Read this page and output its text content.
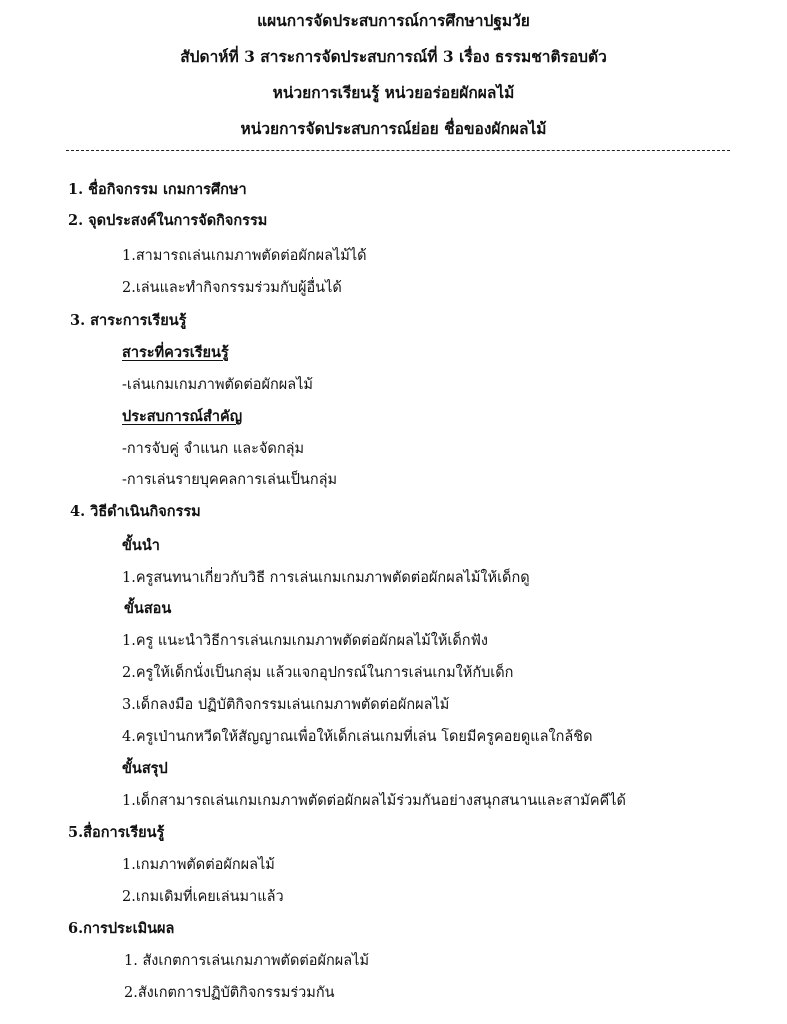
แผนการจัดประสบการณ์การศึกษาปฐมวัย
สัปดาห์ที่ 3 สาระการจัดประสบการณ์ที่ 3 เรื่อง ธรรมชาติรอบตัว
หน่วยการเรียนรู้ หน่วยอร่อยผักผลไม้
หน่วยการจัดประสบการณ์ย่อย ชื่อของผักผลไม้
1. ชื่อกิจกรรม เกมการศึกษา
2. จุดประสงค์ในการจัดกิจกรรม
1.สามารถเล่นเกมภาพตัดต่อผักผลไม้ได้
2.เล่นและทำกิจกรรมร่วมกับผู้อื่นได้
3. สาระการเรียนรู้
สาระที่ควรเรียนรู้
-เล่นเกมเกมภาพตัดต่อผักผลไม้
ประสบการณ์สำคัญ
-การจับคู่ จำแนก และจัดกลุ่ม
-การเล่นรายบุคคลการเล่นเป็นกลุ่ม
4. วิธีดำเนินกิจกรรม
ขั้นนำ
1.ครูสนทนาเกี่ยวกับวิธี การเล่นเกมเกมภาพตัดต่อผักผลไม้ให้เด็กดู
ขั้นสอน
1.ครู แนะนำวิธีการเล่นเกมเกมภาพตัดต่อผักผลไม้ให้เด็กฟัง
2.ครูให้เด็กนั่งเป็นกลุ่ม แล้วแจกอุปกรณ์ในการเล่นเกมให้กับเด็ก
3.เด็กลงมือ ปฏิบัติกิจกรรมเล่นเกมภาพตัดต่อผักผลไม้
4.ครูเป่านกหวีดให้สัญญาณเพื่อให้เด็กเล่นเกมที่เล่น โดยมีครูคอยดูแลใกล้ชิด
ขั้นสรุป
1.เด็กสามารถเล่นเกมเกมภาพตัดต่อผักผลไม้ร่วมกันอย่างสนุกสนานและสามัคคีได้
5.สื่อการเรียนรู้
1.เกมภาพตัดต่อผักผลไม้
2.เกมเดิมที่เคยเล่นมาแล้ว
6.การประเมินผล
1. สังเกตการเล่นเกมภาพตัดต่อผักผลไม้
2.สังเกตการปฏิบัติกิจกรรมร่วมกัน
